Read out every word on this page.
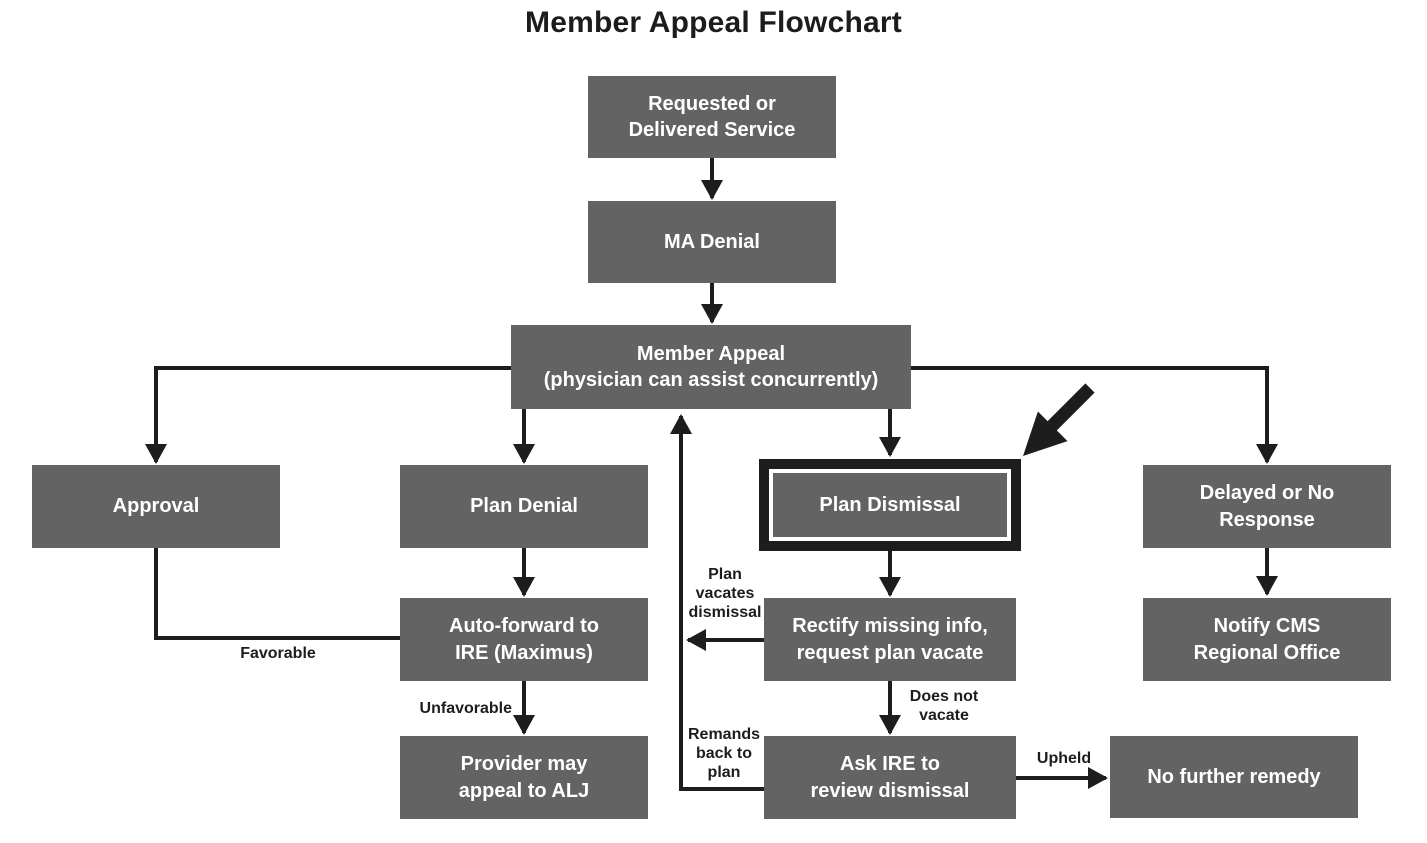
Member Appeal Flowchart
Requested or
Delivered Service
MA Denial
Member Appeal
(physician can assist concurrently)
Approval	Plan Denial	Plan Dismissal
Delayed or No
Response
Auto-forward to
IRE (Maximus)
Rectify missing info,
request plan vacate
Notify CMS
Regional Office
Provider may
appeal to ALJ
Ask IRE to
review dismissal
No further remedy
Favorable
Unfavorable
Plan
vacates
dismissal
Does not
vacate
Remands
back to
plan
Upheld
